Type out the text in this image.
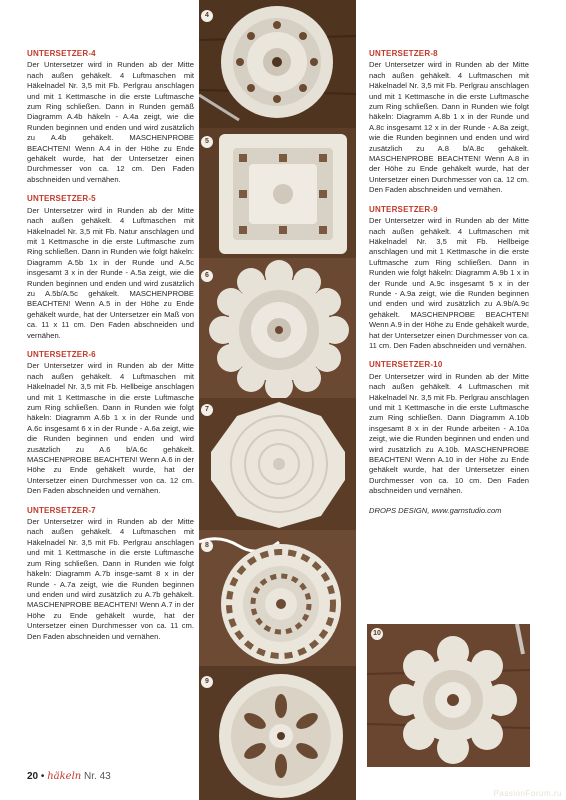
UNTERSETZER-4

Der Untersetzer wird in Runden ab der Mitte nach außen gehäkelt. 4 Luftmaschen mit Häkelnadel Nr. 3,5 mit Fb. Perlgrau anschlagen und mit 1 Kettmasche in die erste Luftmasche zum Ring schließen. Dann in Runden gemäß Diagramm A.4b häkeln - A.4a zeigt, wie die Runden beginnen und enden und wird zusätzlich zu A.4b gehäkelt. MASCHENPROBE BEACHTEN! Wenn A.4 in der Höhe zu Ende gehäkelt wurde, hat der Untersetzer einen Durchmesser von ca. 12 cm. Den Faden abschneiden und vernähen.

UNTERSETZER-5

Der Untersetzer wird in Runden ab der Mitte nach außen gehäkelt. 4 Luftmaschen mit Häkelnadel Nr. 3,5 mit Fb. Natur anschlagen und mit 1 Kettmasche in die erste Luftmasche zum Ring schließen. Dann in Runden wie folgt häkeln: Diagramm A.5b 1x in der Runde und A.5c insgesamt 3 x in der Runde - A.5a zeigt, wie die Runden beginnen und enden und wird zusätzlich zu A.5b/A.5c gehäkelt. MASCHENPROBE BEACHTEN! Wenn A.5 in der Höhe zu Ende gehäkelt wurde, hat der Untersetzer ein Maß von ca. 11 x 11 cm. Den Faden abschneiden und vernähen.

UNTERSETZER-6

Der Untersetzer wird in Runden ab der Mitte nach außen gehäkelt. 4 Luftmaschen mit Häkelnadel Nr. 3,5 mit Fb. Hellbeige anschlagen und mit 1 Kettmasche in die erste Luftmasche zum Ring schließen. Dann in Runden wie folgt häkeln: Diagramm A.6b 1 x in der Runde und A.6c insgesamt 6 x in der Runde - A.6a zeigt, wie die Runden beginnen und enden und wird zusätzlich zu A.6 b/A.6c gehäkelt. MASCHENPROBE BEACHTEN! Wenn A.6 in der Höhe zu Ende gehäkelt wurde, hat der Untersetzer einen Durchmesser von ca. 12 cm. Den Faden abschneiden und vernähen.

UNTERSETZER-7

Der Untersetzer wird in Runden ab der Mitte nach außen gehäkelt. 4 Luftmaschen mit Häkelnadel Nr. 3,5 mit Fb. Perlgrau anschlagen und mit 1 Kettmasche in die erste Luftmasche zum Ring schließen. Dann in Runden wie folgt häkeln: Diagramm A.7b insge-samt 8 x in der Runde - A.7a zeigt, wie die Runden beginnen und enden und wird zusätzlich zu A.7b gehäkelt. MASCHENPROBE BEACHTEN! Wenn A.7 in der Höhe zu Ende gehäkelt wurde, hat der Untersetzer einen Durchmesser von ca. 11 cm. Den Faden abschneiden und vernähen.

4
5
6
7
8
9
UNTERSETZER-8

Der Untersetzer wird in Runden ab der Mitte nach außen gehäkelt. 4 Luftmaschen mit Häkelnadel Nr. 3,5 mit Fb. Perlgrau anschlagen und mit 1 Kettmasche in die erste Luftmasche zum Ring schließen. Dann in Runden wie folgt häkeln: Diagramm A.8b 1 x in der Runde und A.8c insgesamt 12 x in der Runde - A.8a zeigt, wie die Runden beginnen und enden und wird zusätzlich zu A.8 b/A.8c gehäkelt. MASCHENPROBE BEACHTEN! Wenn A.8 in der Höhe zu Ende gehäkelt wurde, hat der Untersetzer einen Durchmesser von ca. 12 cm. Den Faden abschneiden und vernähen.

UNTERSETZER-9

Der Untersetzer wird in Runden ab der Mitte nach außen gehäkelt. 4 Luftmaschen mit Häkelnadel Nr. 3,5 mit Fb. Hellbeige anschlagen und mit 1 Kettmasche in die erste Luftmasche zum Ring schließen. Dann in Runden wie folgt häkeln: Diagramm A.9b 1 x in der Runde und A.9c insgesamt 5 x in der Runde - A.9a zeigt, wie die Runden beginnen und enden und wird zusätzlich zu A.9b/A.9c gehäkelt. MASCHENPROBE BEACHTEN! Wenn A.9 in der Höhe zu Ende gehäkelt wurde, hat der Untersetzer einen Durchmesser von ca. 11 cm. Den Faden abschneiden und vernähen.

UNTERSETZER-10

Der Untersetzer wird in Runden ab der Mitte nach außen gehäkelt. 4 Luftmaschen mit Häkelnadel Nr. 3,5 mit Fb. Perlgrau anschlagen und mit 1 Kettmasche in die erste Luftmasche zum Ring schließen. Dann Diagramm A.10b insgesamt 8 x in der Runde arbeiten - A.10a zeigt, wie die Runden beginnen und enden und wird zusätzlich zu A.10b. MASCHENPROBE BEACHTEN! Wenn A.10 in der Höhe zu Ende gehäkelt wurde, hat der Untersetzer einen Durchmesser von ca. 10 cm. Den Faden abschneiden und vernähen.

DROPS DESIGN, www.garnstudio.com
10
20 • häkeln Nr. 43
PassionForum.ru
